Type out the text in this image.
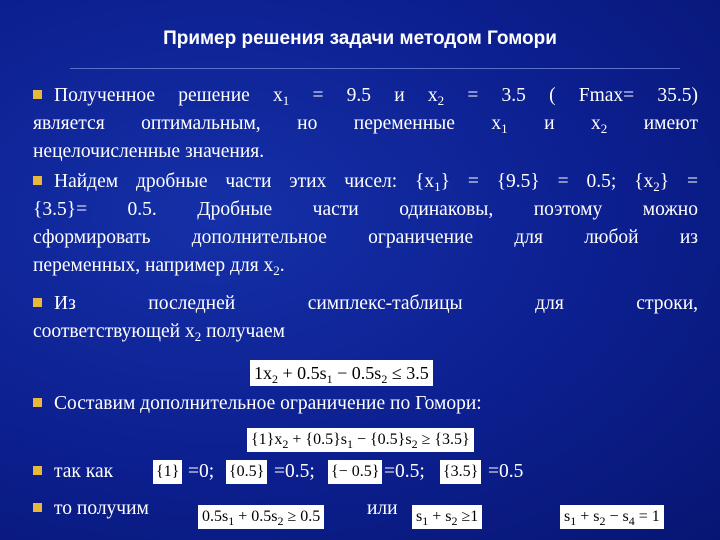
Пример решения задачи методом Гомори
Полученное решение $x_1 = 9.5$ и $x_2 = 3.5$ ( Fmax= 35.5)
является оптимальным, но переменные $x_1$ и $x_2$ имеют
нецелочисленные значения.
Найдем дробные части этих чисел: $\{x_1\} = \{9.5\} = 0.5$; $\{x_2\}$ =
{3.5}= 0.5. Дробные части одинаковы, поэтому можно
сформировать дополнительное ограничение для любой из
переменных, например для $x_2$.
Из последней симплекс-таблицы для строки,
соответствующей $x_2$ получаем
$1x_2 + 0.5s_1 - 0.5s_2 \le 3.5$
Составим дополнительное ограничение по Гомори:
$\{1\}x_2 + \{0.5\}s_1 - \{0.5\}s_2 \ge \{3.5\}$
так как	{1} =0; {0.5} =0.5; {− 0.5} =0.5; {3.5} =0.5
то получим	$0.5s_1 + 0.5s_2 \ge 0.5$ или $s_1 + s_2 \ge 1$	$s_1 + s_2 - s_4 = 1$
